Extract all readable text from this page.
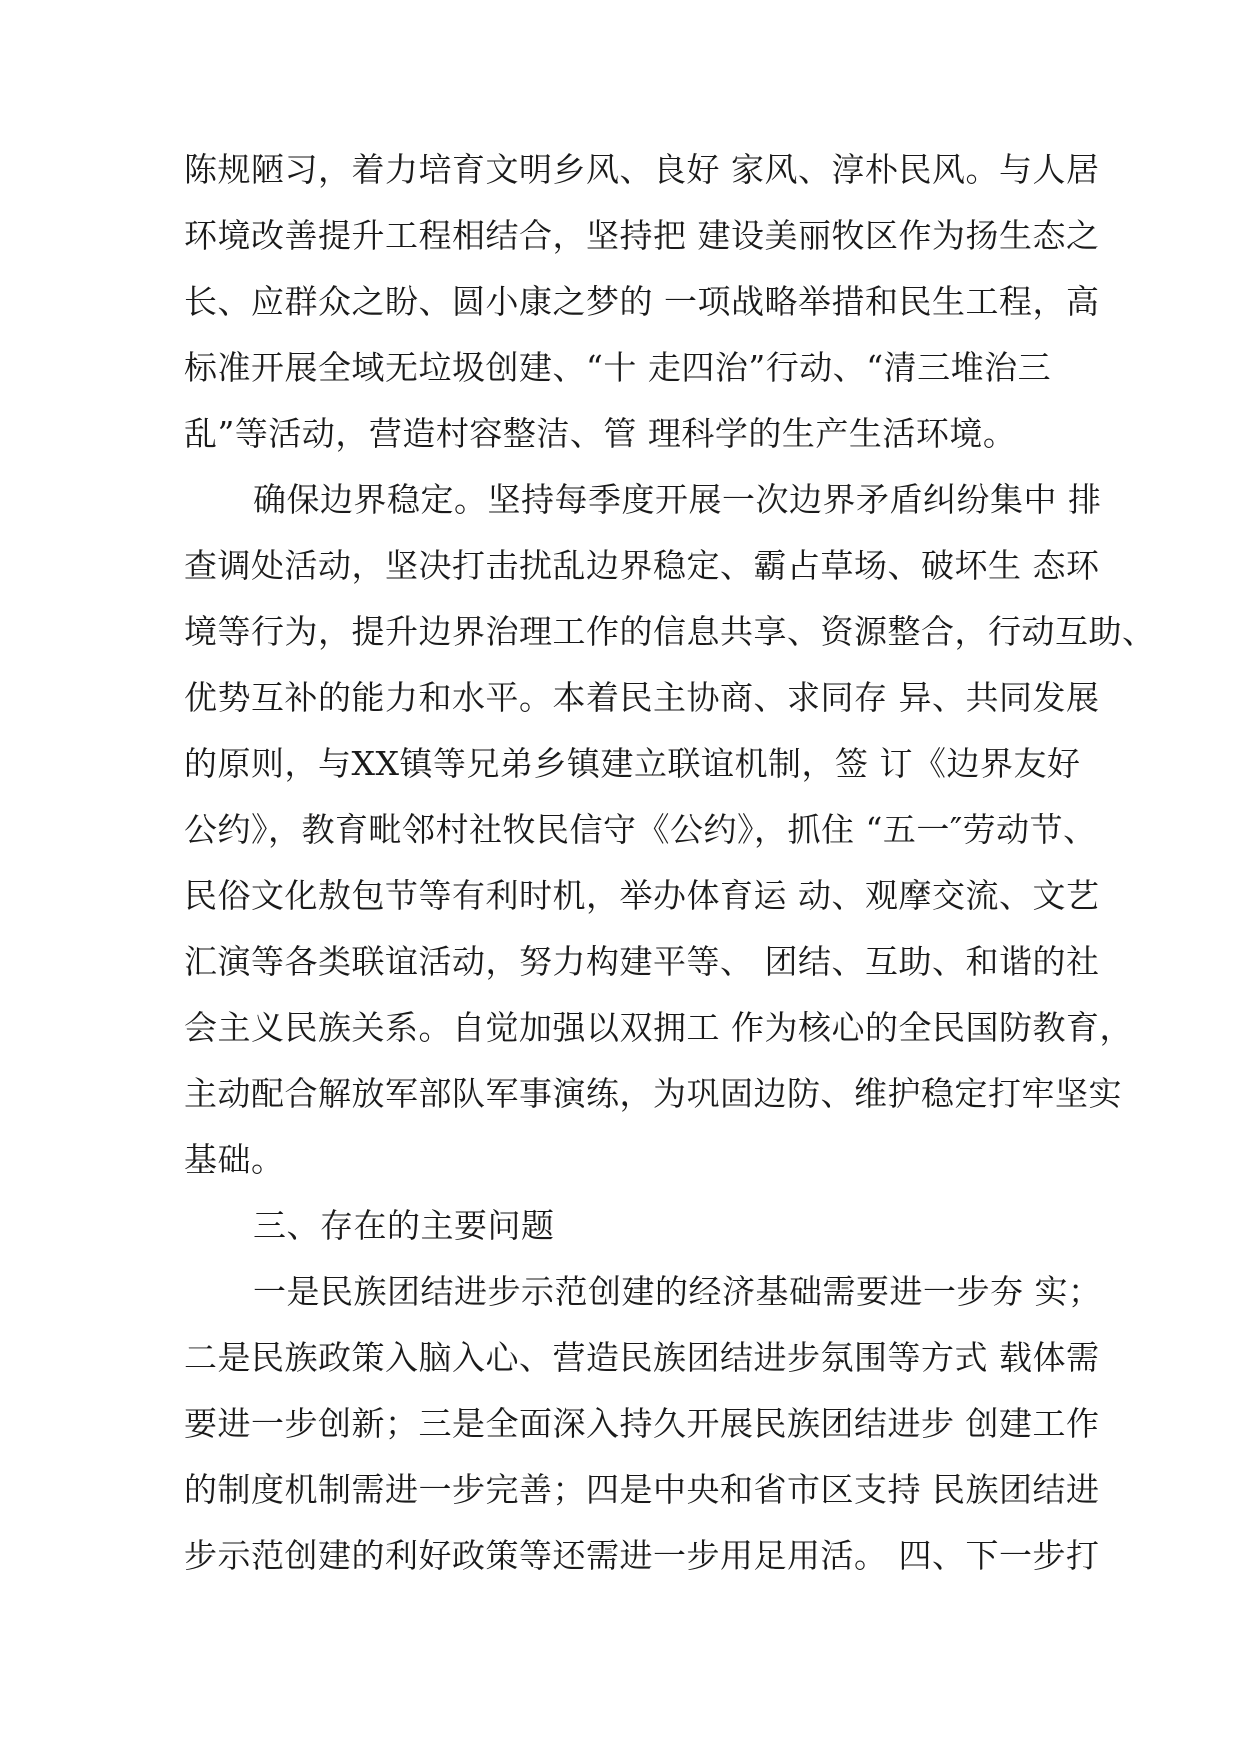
陈规陋习，着力培育文明乡风、良好 家风、淳朴民风。与人居
环境改善提升工程相结合，坚持把 建设美丽牧区作为扬生态之
长、应群众之盼、圆小康之梦的 一项战略举措和民生工程，高
标准开展全域无垃圾创建、“十 走四治”行动、“清三堆治三
乱”等活动，营造村容整洁、管 理科学的生产生活环境。
确保边界稳定。坚持每季度开展一次边界矛盾纠纷集中 排
查调处活动，坚决打击扰乱边界稳定、霸占草场、破坏生 态环
境等行为，提升边界治理工作的信息共享、资源整合，行动互助、
优势互补的能力和水平。本着民主协商、求同存 异、共同发展
的原则，与XX镇等兄弟乡镇建立联谊机制，签 订《边界友好
公约》，教育毗邻村社牧民信守《公约》，抓住 “五一″劳动节、
民俗文化敖包节等有利时机，举办体育运 动、观摩交流、文艺
汇演等各类联谊活动，努力构建平等、 团结、互助、和谐的社
会主义民族关系。自觉加强以双拥工 作为核心的全民国防教育，
主动配合解放军部队军事演练，为巩固边防、维护稳定打牢坚实
基础。
三、存在的主要问题
一是民族团结进步示范创建的经济基础需要进一步夯 实；
二是民族政策入脑入心、营造民族团结进步氛围等方式 载体需
要进一步创新；三是全面深入持久开展民族团结进步 创建工作
的制度机制需进一步完善；四是中央和省市区支持 民族团结进
步示范创建的利好政策等还需进一步用足用活。 四、下一步打
